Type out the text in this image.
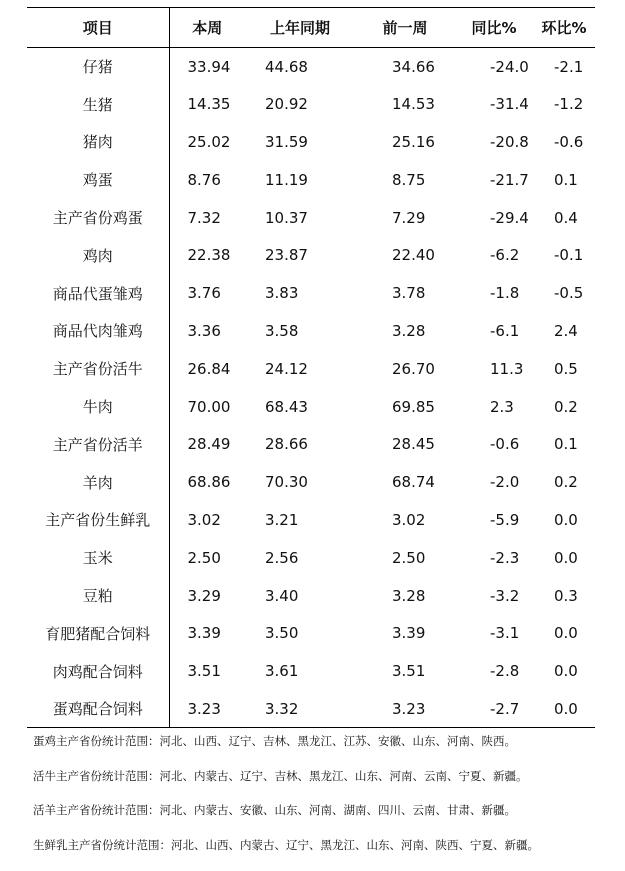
项目	本周	上年同期	前一周	同比%	环比%
仔猪	33.94	44.68	34.66	-24.0	-2.1
生猪	14.35	20.92	14.53	-31.4	-1.2
猪肉	25.02	31.59	25.16	-20.8	-0.6
鸡蛋	8.76	11.19	8.75	-21.7	0.1
主产省份鸡蛋	7.32	10.37	7.29	-29.4	0.4
鸡肉	22.38	23.87	22.40	-6.2	-0.1
商品代蛋雏鸡	3.76	3.83	3.78	-1.8	-0.5
商品代肉雏鸡	3.36	3.58	3.28	-6.1	2.4
主产省份活牛	26.84	24.12	26.70	11.3	0.5
牛肉	70.00	68.43	69.85	2.3	0.2
主产省份活羊	28.49	28.66	28.45	-0.6	0.1
羊肉	68.86	70.30	68.74	-2.0	0.2
主产省份生鲜乳	3.02	3.21	3.02	-5.9	0.0
玉米	2.50	2.56	2.50	-2.3	0.0
豆粕	3.29	3.40	3.28	-3.2	0.3
育肥猪配合饲料	3.39	3.50	3.39	-3.1	0.0
肉鸡配合饲料	3.51	3.61	3.51	-2.8	0.0
蛋鸡配合饲料	3.23	3.32	3.23	-2.7	0.0
蛋鸡主产省份统计范围：河北、山西、辽宁、吉林、黑龙江、江苏、安徽、山东、河南、陕西。
活牛主产省份统计范围：河北、内蒙古、辽宁、吉林、黑龙江、山东、河南、云南、宁夏、新疆。
活羊主产省份统计范围：河北、内蒙古、安徽、山东、河南、湖南、四川、云南、甘肃、新疆。
生鲜乳主产省份统计范围：河北、山西、内蒙古、辽宁、黑龙江、山东、河南、陕西、宁夏、新疆。
